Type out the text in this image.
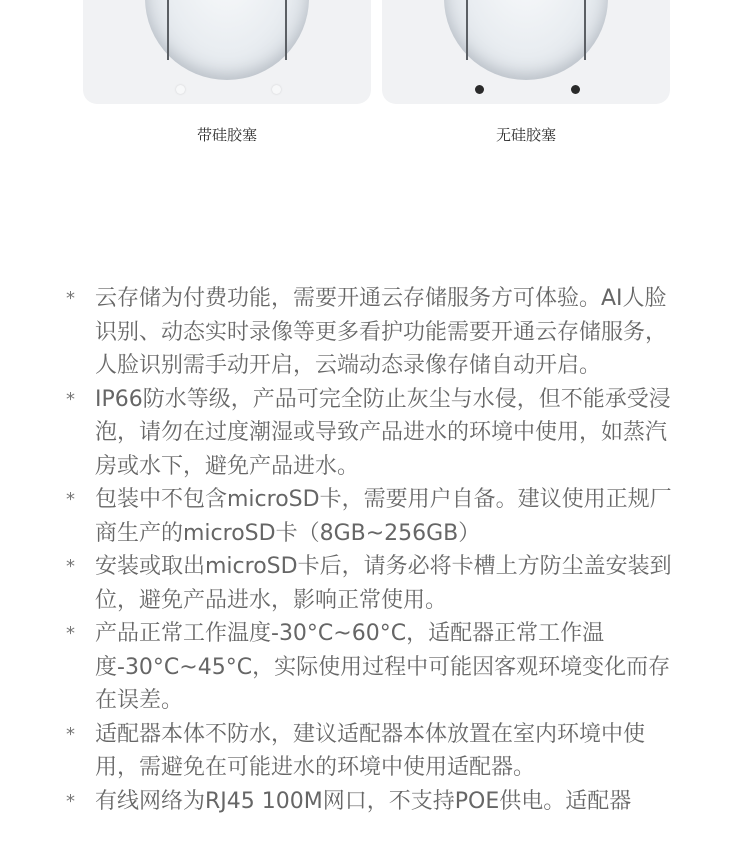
带硅胶塞	无硅胶塞
* 云存储为付费功能，需要开通云存储服务方可体验。AI人脸识别、动态实时录像等更多看护功能需要开通云存储服务，人脸识别需手动开启，云端动态录像存储自动开启。
* IP66防水等级，产品可完全防止灰尘与水侵，但不能承受浸泡，请勿在过度潮湿或导致产品进水的环境中使用，如蒸汽房或水下，避免产品进水。
* 包装中不包含microSD卡，需要用户自备。建议使用正规厂商生产的microSD卡（8GB~256GB）
* 安装或取出microSD卡后，请务必将卡槽上方防尘盖安装到位，避免产品进水，影响正常使用。
* 产品正常工作温度-30°C~60°C，适配器正常工作温度-30°C~45°C，实际使用过程中可能因客观环境变化而存在误差。
* 适配器本体不防水，建议适配器本体放置在室内环境中使用，需避免在可能进水的环境中使用适配器。
* 有线网络为RJ45 100M网口，不支持POE供电。适配器
